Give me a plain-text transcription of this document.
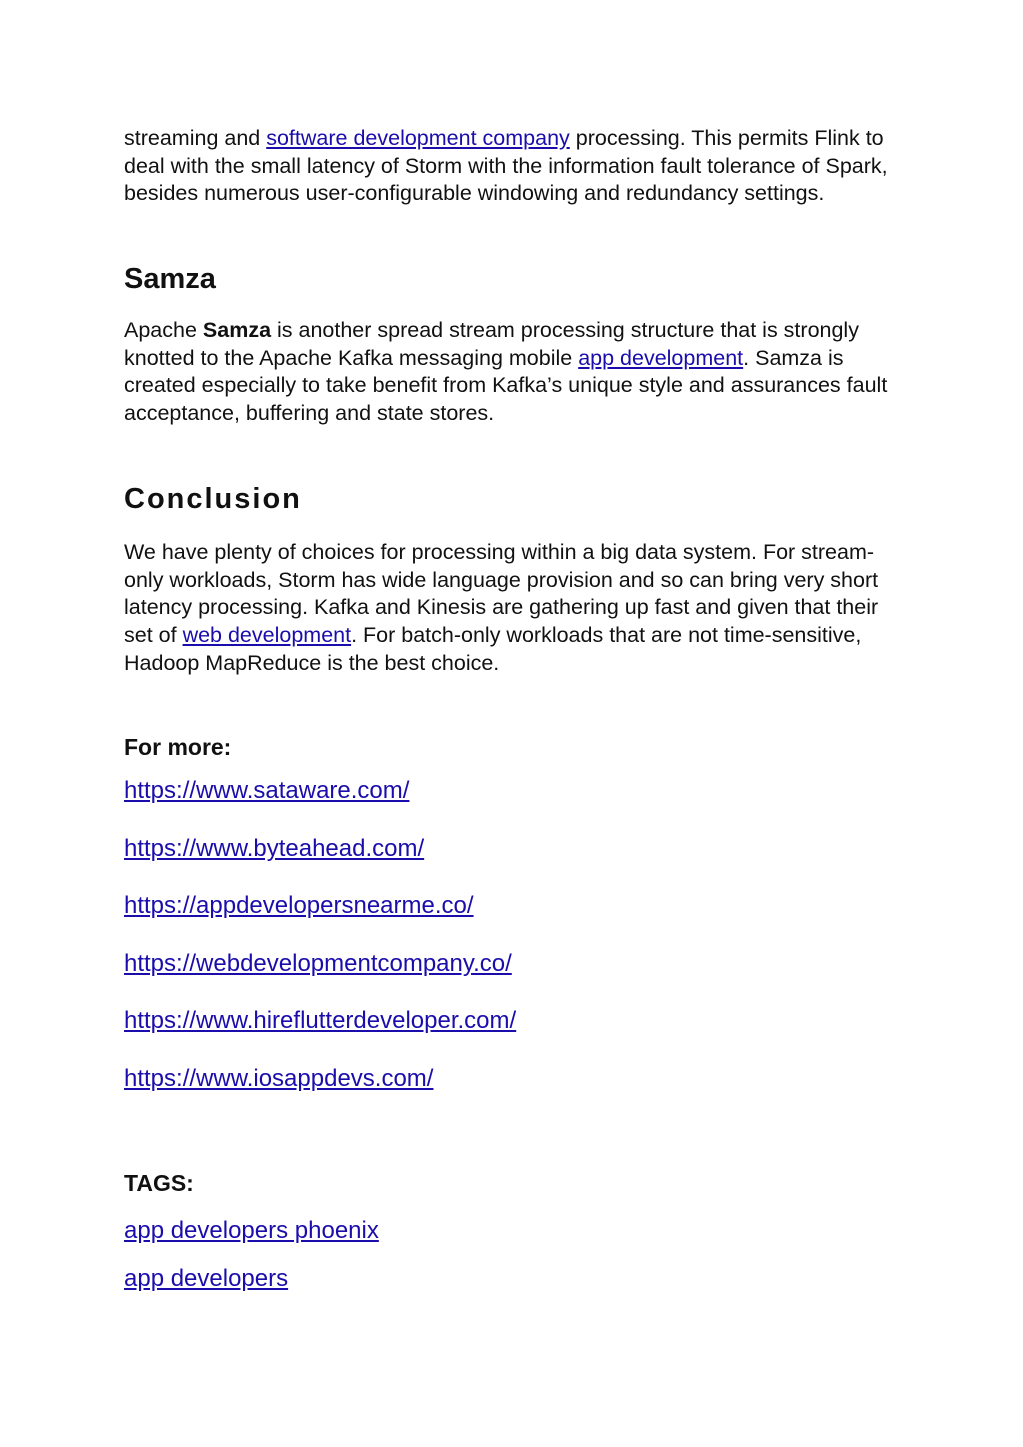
streaming and software development company processing. This permits Flink to deal with the small latency of Storm with the information fault tolerance of Spark, besides numerous user-configurable windowing and redundancy settings.

Samza

Apache Samza is another spread stream processing structure that is strongly knotted to the Apache Kafka messaging mobile app development. Samza is created especially to take benefit from Kafka’s unique style and assurances fault acceptance, buffering and state stores.

Conclusion

We have plenty of choices for processing within a big data system. For stream-only workloads, Storm has wide language provision and so can bring very short latency processing. Kafka and Kinesis are gathering up fast and given that their set of web development. For batch-only workloads that are not time-sensitive, Hadoop MapReduce is the best choice.

For more:
https://www.sataware.com/
https://www.byteahead.com/
https://appdevelopersnearme.co/
https://webdevelopmentcompany.co/
https://www.hireflutterdeveloper.com/
https://www.iosappdevs.com/
TAGS:
app developers phoenix
app developers
